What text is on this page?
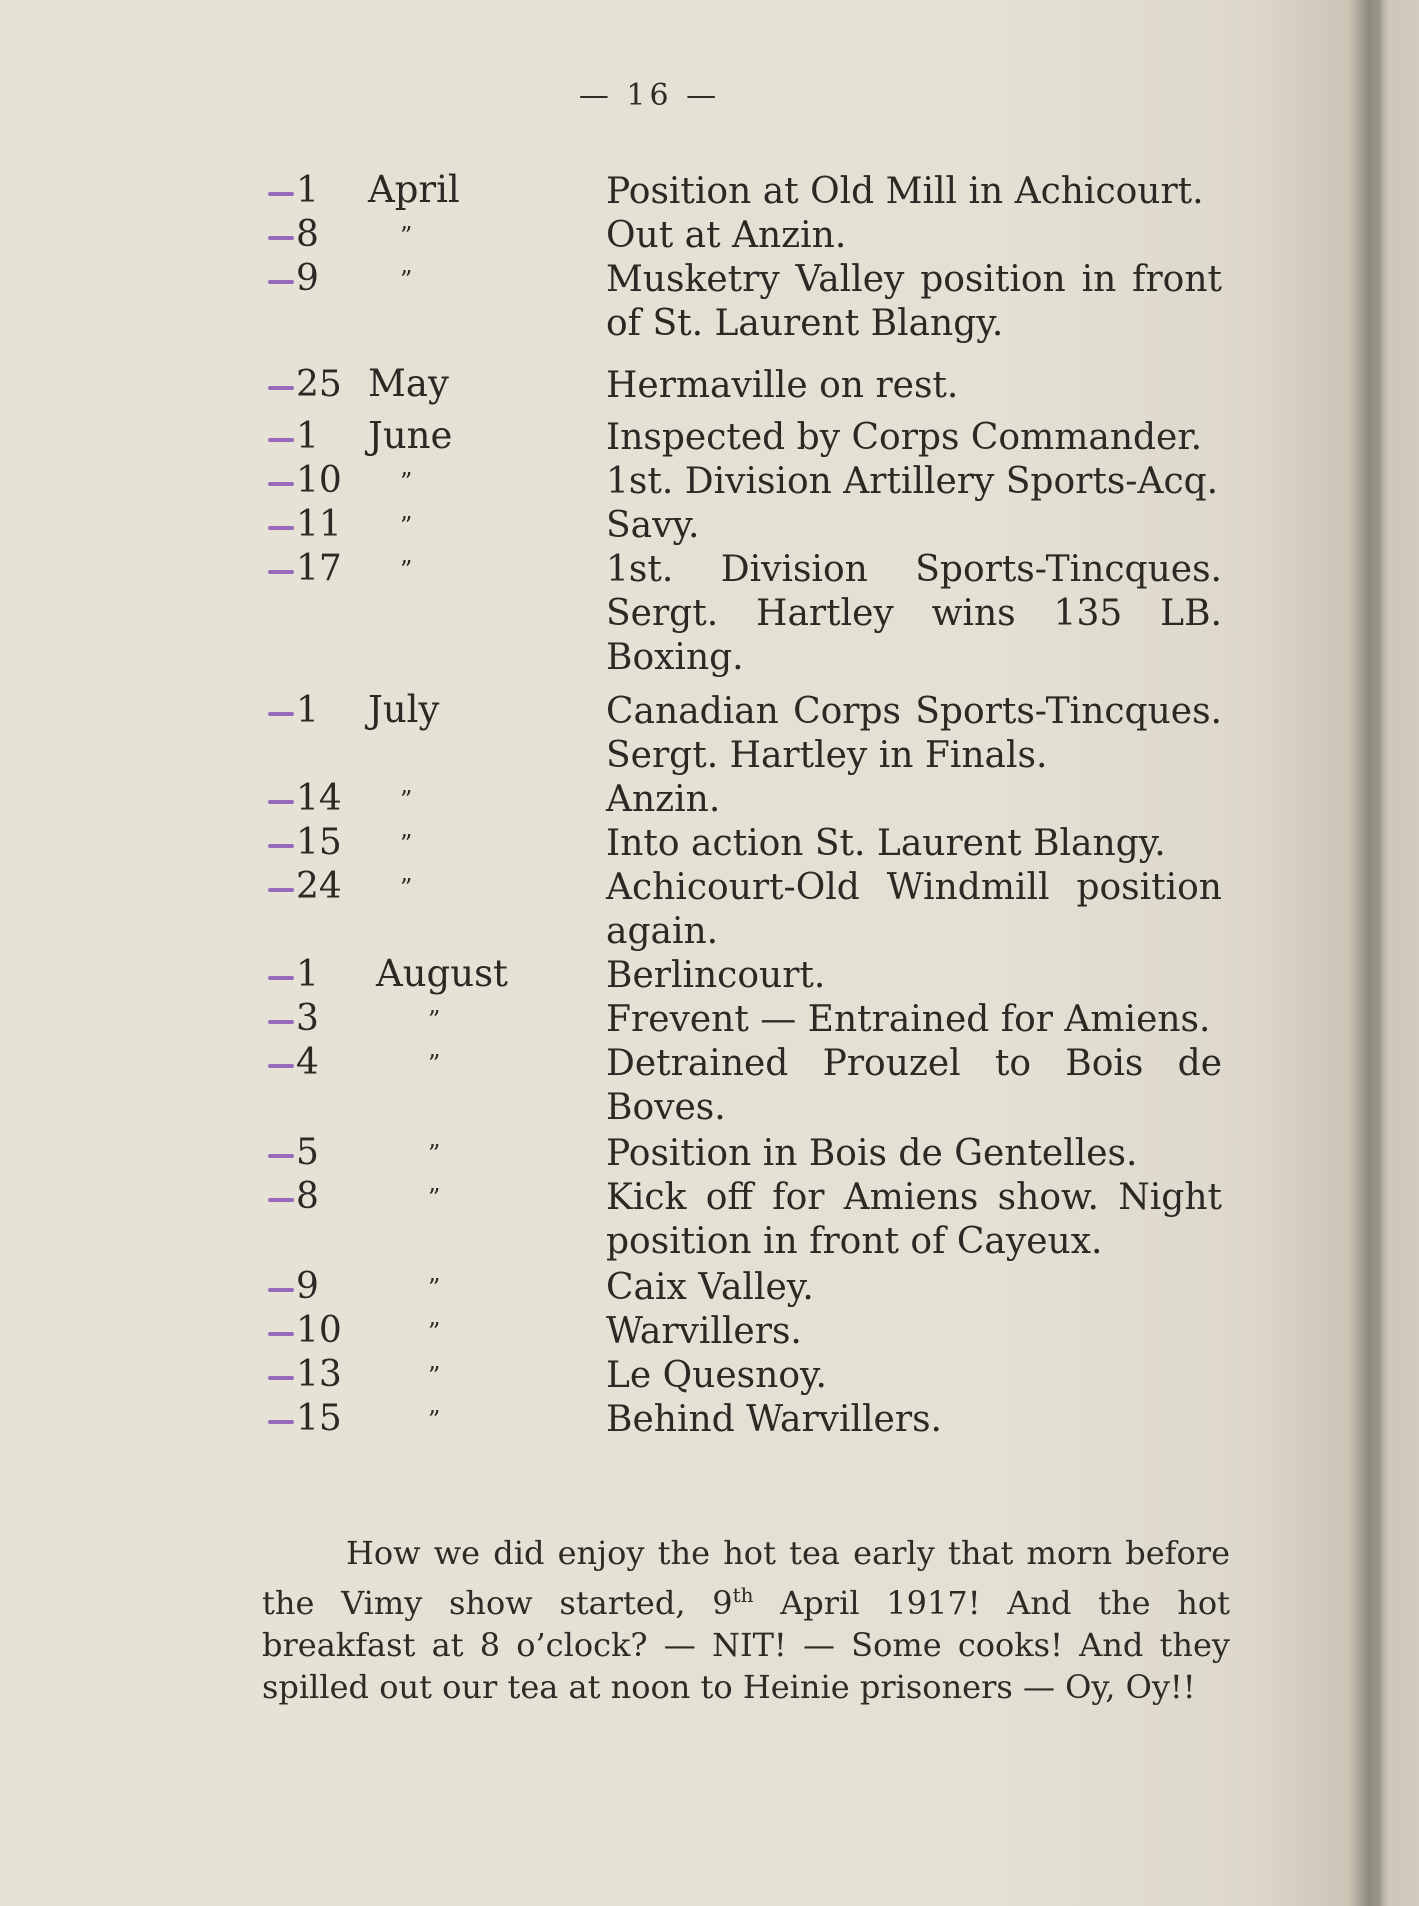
— 16 —
1	April	Position at Old Mill in Achicourt.
8	”	Out at Anzin.
9	”	Musketry Valley position in front of St. Laurent Blangy.
25 May	Hermaville on rest.
1	June	Inspected by Corps Commander.
10	”	1st. Division Artillery Sports-Acq.
11	”	Savy.
17	”	1st. Division Sports-Tincques. Sergt. Hartley wins 135 LB. Boxing.
1	July	Canadian Corps Sports-Tincques. Sergt. Hartley in Finals.
14	”	Anzin.
15	”	Into action St. Laurent Blangy.
24	”	Achicourt-Old Windmill position again.
1	August	Berlincourt.
3	”	Frevent — Entrained for Amiens.
4	”	Detrained Prouzel to Bois de Boves.
5	”	Position in Bois de Gentelles.
8	”	Kick off for Amiens show. Night position in front of Cayeux.
9	”	Caix Valley.
10	”	Warvillers.
13	”	Le Quesnoy.
15	”	Behind Warvillers.

How we did enjoy the hot tea early that morn before the Vimy show started, 9th April 1917! And the hot breakfast at 8 o’clock? — NIT! — Some cooks! And they spilled out our tea at noon to Heinie prisoners — Oy, Oy!!
